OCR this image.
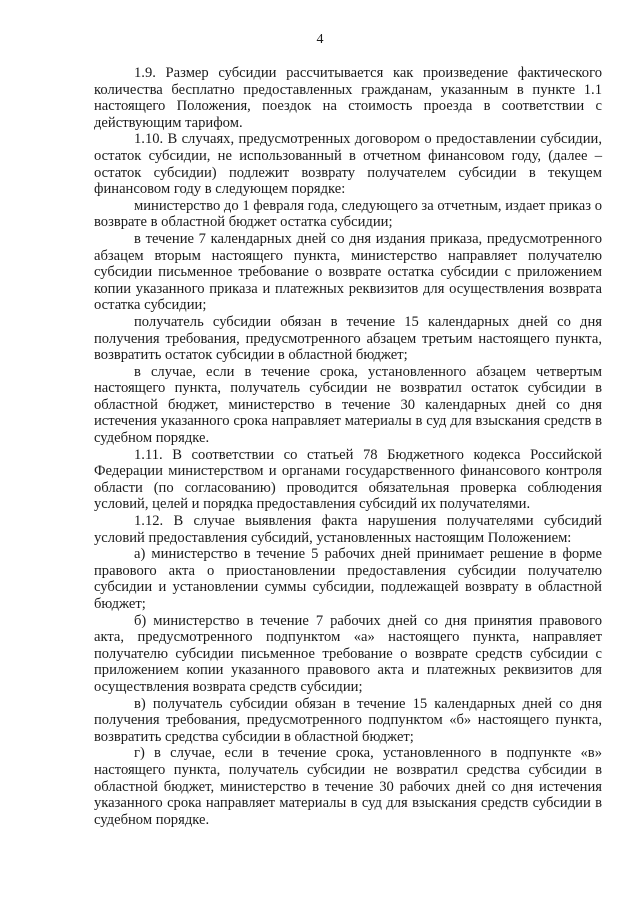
4

1.9. Размер субсидии рассчитывается как произведение фактического количества бесплатно предоставленных гражданам, указанным в пункте 1.1 настоящего Положения, поездок на стоимость проезда в соответствии с действующим тарифом.

1.10. В случаях, предусмотренных договором о предоставлении субсидии, остаток субсидии, не использованный в отчетном финансовом году, (далее – остаток субсидии) подлежит возврату получателем субсидии в текущем финансовом году в следующем порядке:

министерство до 1 февраля года, следующего за отчетным, издает приказ о возврате в областной бюджет остатка субсидии;

в течение 7 календарных дней со дня издания приказа, предусмотренного абзацем вторым настоящего пункта, министерство направляет получателю субсидии письменное требование о возврате остатка субсидии с приложением копии указанного приказа и платежных реквизитов для осуществления возврата остатка субсидии;

получатель субсидии обязан в течение 15 календарных дней со дня получения требования, предусмотренного абзацем третьим настоящего пункта, возвратить остаток субсидии в областной бюджет;

в случае, если в течение срока, установленного абзацем четвертым настоящего пункта, получатель субсидии не возвратил остаток субсидии в областной бюджет, министерство в течение 30 календарных дней со дня истечения указанного срока направляет материалы в суд для взыскания средств в судебном порядке.

1.11. В соответствии со статьей 78 Бюджетного кодекса Российской Федерации министерством и органами государственного финансового контроля области (по согласованию) проводится обязательная проверка соблюдения условий, целей и порядка предоставления субсидий их получателями.

1.12. В случае выявления факта нарушения получателями субсидий условий предоставления субсидий, установленных настоящим Положением:

а) министерство в течение 5 рабочих дней принимает решение в форме правового акта о приостановлении предоставления субсидии получателю субсидии и установлении суммы субсидии, подлежащей возврату в областной бюджет;

б) министерство в течение 7 рабочих дней со дня принятия правового акта, предусмотренного подпунктом «а» настоящего пункта, направляет получателю субсидии письменное требование о возврате средств субсидии с приложением копии указанного правового акта и платежных реквизитов для осуществления возврата средств субсидии;

в) получатель субсидии обязан в течение 15 календарных дней со дня получения требования, предусмотренного подпунктом «б» настоящего пункта, возвратить средства субсидии в областной бюджет;

г) в случае, если в течение срока, установленного в подпункте «в» настоящего пункта, получатель субсидии не возвратил средства субсидии в областной бюджет, министерство в течение 30 рабочих дней со дня истечения указанного срока направляет материалы в суд для взыскания средств субсидии в судебном порядке.
